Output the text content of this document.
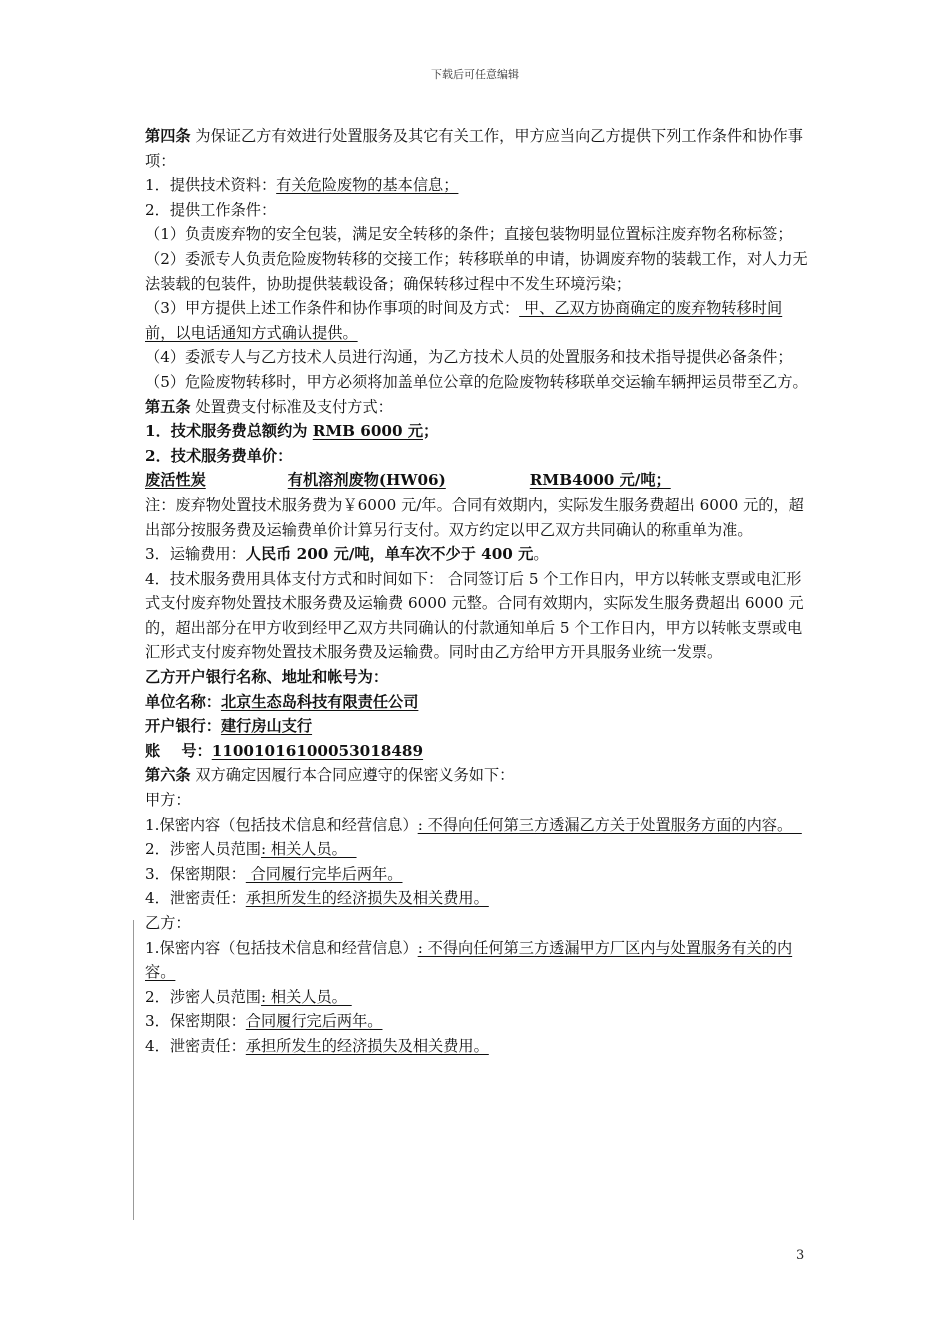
下载后可任意编辑

第四条 为保证乙方有效进行处置服务及其它有关工作，甲方应当向乙方提供下列工作条件和协作事项：

1．提供技术资料：有关危险废物的基本信息；

2．提供工作条件：

（1）负责废弃物的安全包装，满足安全转移的条件；直接包装物明显位置标注废弃物名称标签；

（2）委派专人负责危险废物转移的交接工作；转移联单的申请，协调废弃物的装载工作，对人力无法装载的包装件，协助提供装载设备；确保转移过程中不发生环境污染；

（3）甲方提供上述工作条件和协作事项的时间及方式： 甲、乙双方协商确定的废弃物转移时间前，以电话通知方式确认提供。

（4）委派专人与乙方技术人员进行沟通，为乙方技术人员的处置服务和技术指导提供必备条件；

（5）危险废物转移时，甲方必须将加盖单位公章的危险废物转移联单交运输车辆押运员带至乙方。

第五条 处置费支付标准及支付方式：

1．技术服务费总额约为 RMB 6000 元；

2．技术服务费单价：

废活性炭	有机溶剂废物(HW06)	RMB4000 元/吨；

注：废弃物处置技术服务费为￥6000 元/年。合同有效期内，实际发生服务费超出 6000 元的，超出部分按服务费及运输费单价计算另行支付。双方约定以甲乙双方共同确认的称重单为准。

3．运输费用：人民币 200 元/吨，单车次不少于 400 元。

4．技术服务费用具体支付方式和时间如下： 合同签订后 5 个工作日内，甲方以转帐支票或电汇形式支付废弃物处置技术服务费及运输费 6000 元整。合同有效期内，实际发生服务费超出 6000 元的，超出部分在甲方收到经甲乙双方共同确认的付款通知单后 5 个工作日内，甲方以转帐支票或电汇形式支付废弃物处置技术服务费及运输费。同时由乙方给甲方开具服务业统一发票。

乙方开户银行名称、地址和帐号为：

单位名称：北京生态岛科技有限责任公司

开户银行：建行房山支行

账    号：11001016100053018489

第六条 双方确定因履行本合同应遵守的保密义务如下：

甲方：

1.保密内容（包括技术信息和经营信息）: 不得向任何第三方透漏乙方关于处置服务方面的内容。

2．涉密人员范围: 相关人员。

3．保密期限： 合同履行完毕后两年。

4．泄密责任：承担所发生的经济损失及相关费用。

乙方：

1.保密内容（包括技术信息和经营信息）: 不得向任何第三方透漏甲方厂区内与处置服务有关的内容。

2．涉密人员范围: 相关人员。

3．保密期限：合同履行完后两年。

4．泄密责任：承担所发生的经济损失及相关费用。

3
